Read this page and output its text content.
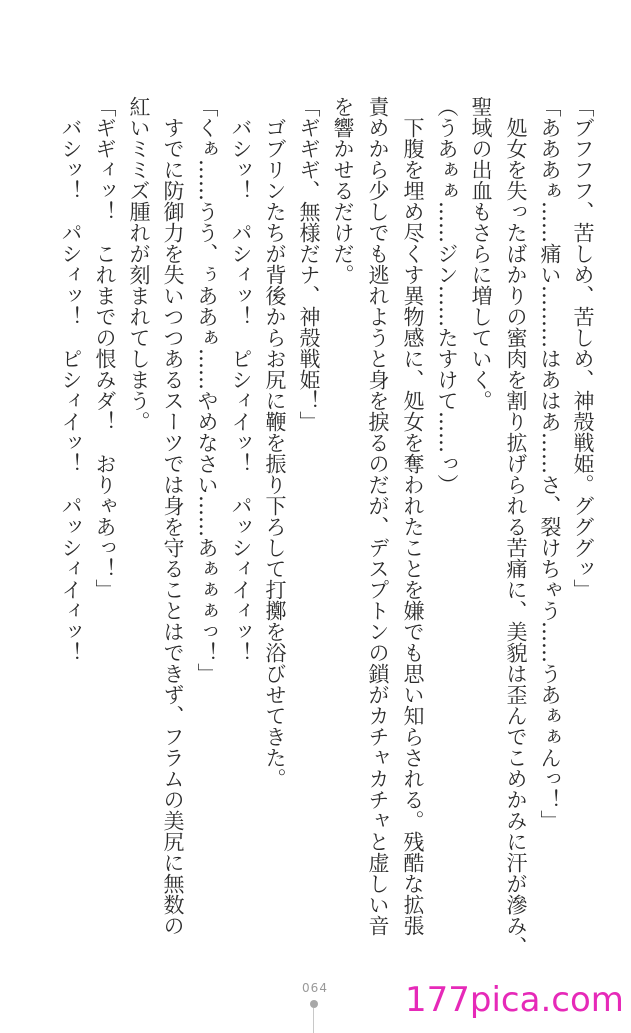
「ブフフフ、苦しめ、苦しめ、神殻戦姫。グググッ」
「あああぁ……痛い………はあはあ……さ、裂けちゃう……うあぁぁんっ！」
処女を失ったばかりの蜜肉を割り拡げられる苦痛に、美貌は歪んでこめかみに汗が滲み、
聖域の出血もさらに増していく。
（うあぁぁ……ジン……たすけて……っ）
下腹を埋め尽くす異物感に、処女を奪われたことを嫌でも思い知らされる。残酷な拡張
責めから少しでも逃れようと身を捩るのだが、デスプトンの鎖がカチャカチャと虚しい音
を響かせるだけだ。
「ギギギ、無様だナ、神殻戦姫！」
ゴブリンたちが背後からお尻に鞭を振り下ろして打擲を浴びせてきた。
バシッ！　パシィッ！　ピシィイッ！　パッシィイィッ！
「くぁ……うう、ぅああぁ……やめなさい……あぁぁぁっ！」
すでに防御力を失いつつあるスーツでは身を守ることはできず、フラムの美尻に無数の
紅いミミズ腫れが刻まれてしまう。
「ギギィッ！　これまでの恨みダ！　おりゃあっ！」
バシッ！　パシィッ！　ピシィイッ！　パッシィイィッ！
064	177pica.com
